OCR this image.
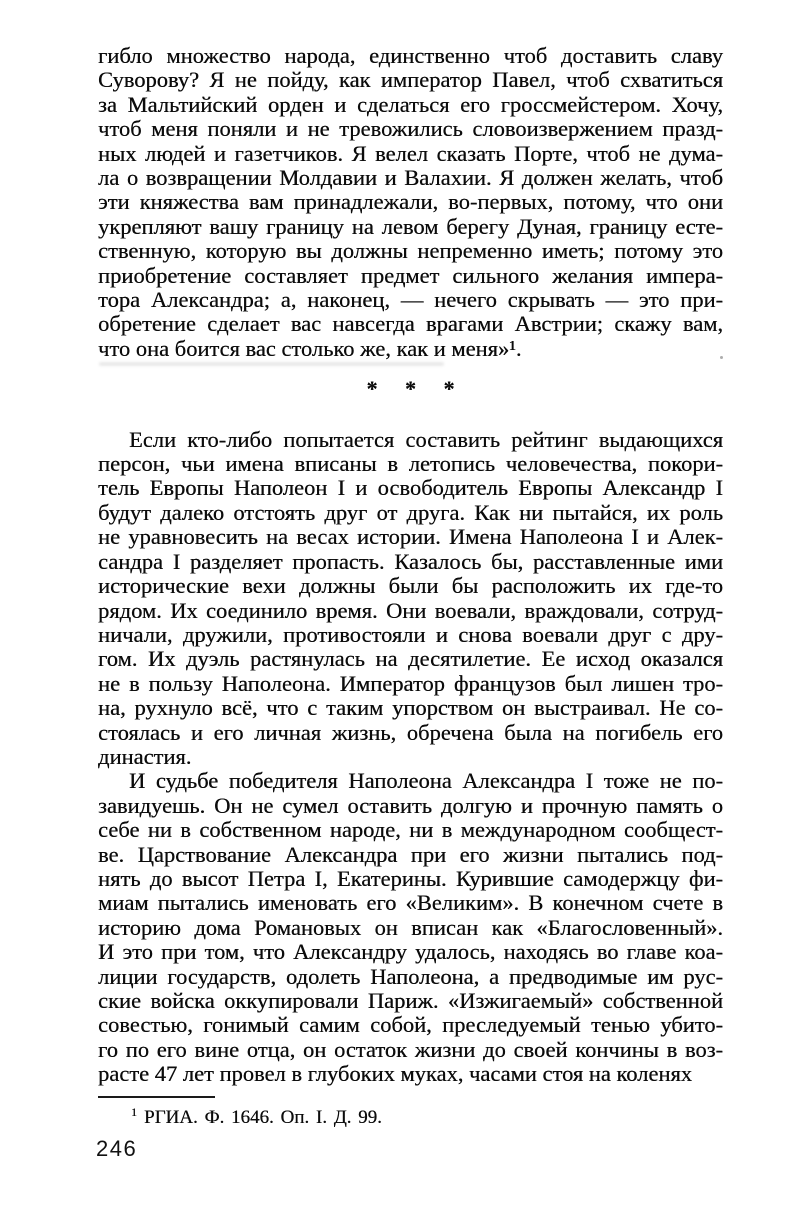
гибло множество народа, единственно чтоб доставить славу
Суворову? Я не пойду, как император Павел, чтоб схватиться
за Мальтийский орден и сделаться его гроссмейстером. Хочу,
чтоб меня поняли и не тревожились словоизвержением празд-
ных людей и газетчиков. Я велел сказать Порте, чтоб не дума-
ла о возвращении Молдавии и Валахии. Я должен желать, чтоб
эти княжества вам принадлежали, во-первых, потому, что они
укрепляют вашу границу на левом берегу Дуная, границу есте-
ственную, которую вы должны непременно иметь; потому это
приобретение составляет предмет сильного желания импера-
тора Александра; а, наконец, — нечего скрывать — это при-
обретение сделает вас навсегда врагами Австрии; скажу вам,
что она боится вас столько же, как и меня»¹.
* * *
Если кто-либо попытается составить рейтинг выдающихся
персон, чьи имена вписаны в летопись человечества, покори-
тель Европы Наполеон I и освободитель Европы Александр I
будут далеко отстоять друг от друга. Как ни пытайся, их роль
не уравновесить на весах истории. Имена Наполеона I и Алек-
сандра I разделяет пропасть. Казалось бы, расставленные ими
исторические вехи должны были бы расположить их где-то
рядом. Их соединило время. Они воевали, враждовали, сотруд-
ничали, дружили, противостояли и снова воевали друг с дру-
гом. Их дуэль растянулась на десятилетие. Ее исход оказался
не в пользу Наполеона. Император французов был лишен тро-
на, рухнуло всё, что с таким упорством он выстраивал. Не со-
стоялась и его личная жизнь, обречена была на погибель его
династия.
И судьбе победителя Наполеона Александра I тоже не по-
завидуешь. Он не сумел оставить долгую и прочную память о
себе ни в собственном народе, ни в международном сообщест-
ве. Царствование Александра при его жизни пытались под-
нять до высот Петра I, Екатерины. Курившие самодержцу фи-
миам пытались именовать его «Великим». В конечном счете в
историю дома Романовых он вписан как «Благословенный».
И это при том, что Александру удалось, находясь во главе коа-
лиции государств, одолеть Наполеона, а предводимые им рус-
ские войска оккупировали Париж. «Изжигаемый» собственной
совестью, гонимый самим собой, преследуемый тенью убито-
го по его вине отца, он остаток жизни до своей кончины в воз-
расте 47 лет провел в глубоких муках, часами стоя на коленях
$^1$ РГИА. Ф. 1646. Оп. I. Д. 99.
246
